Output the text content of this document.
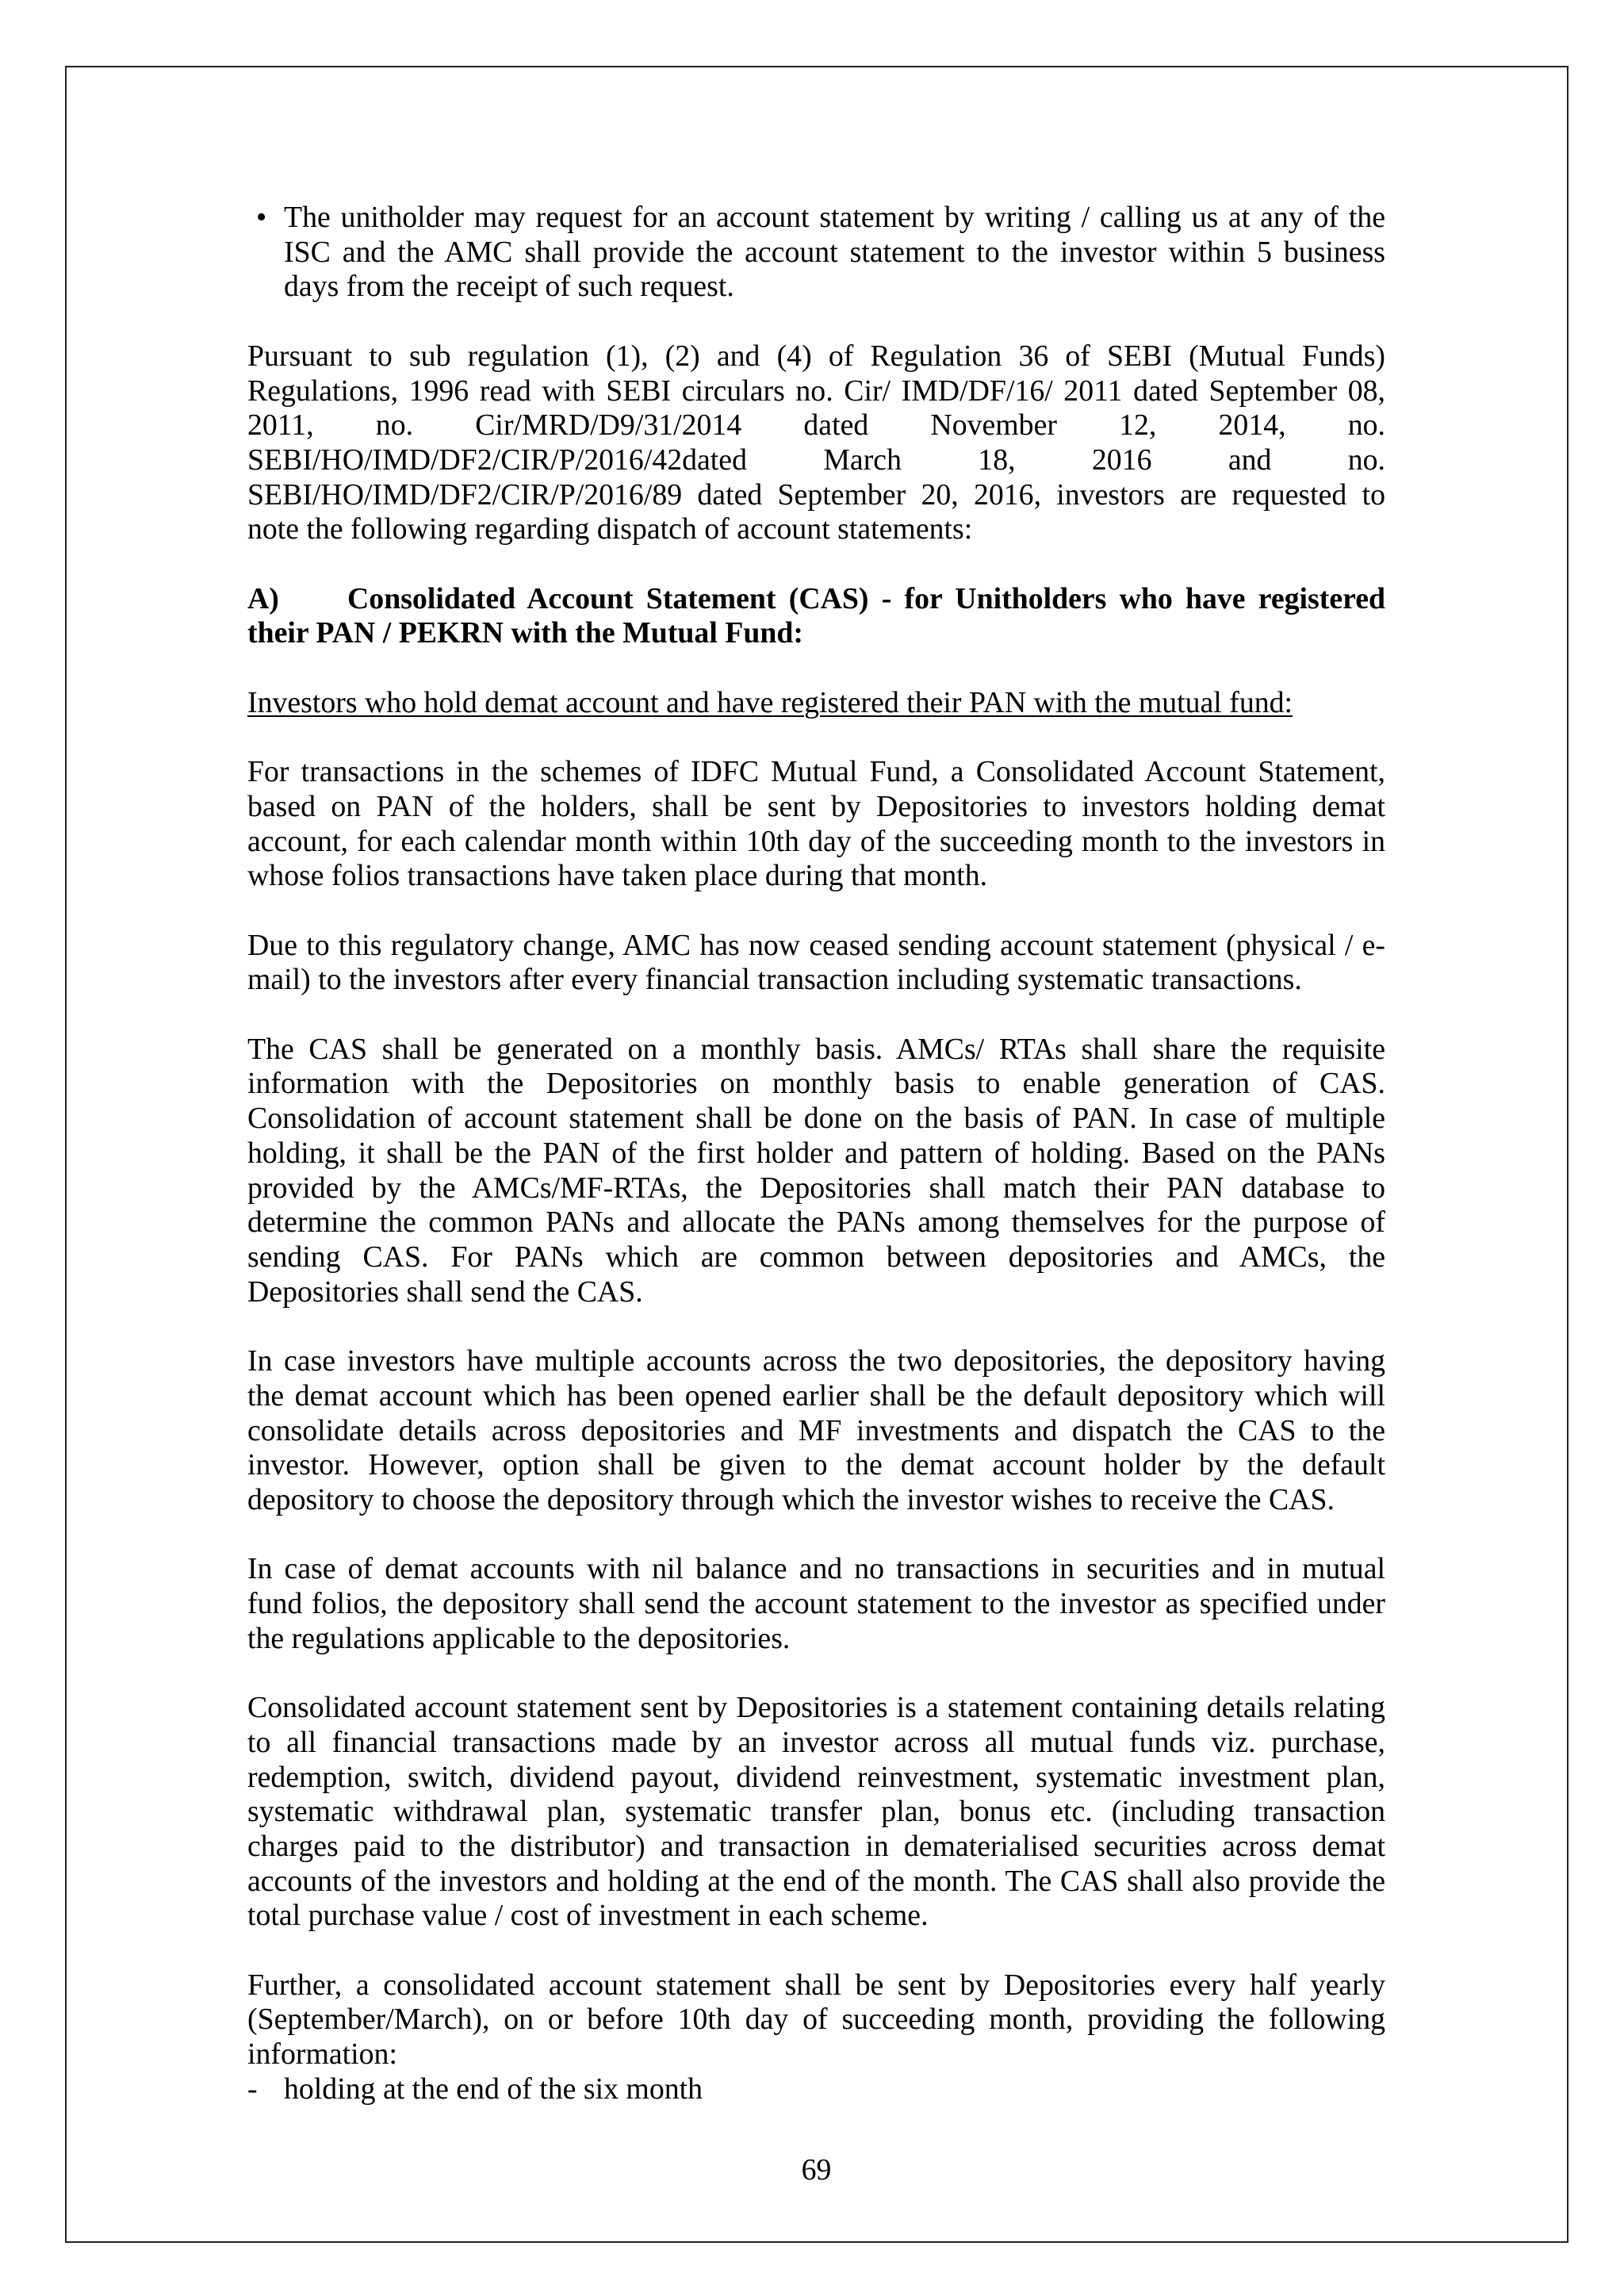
• The unitholder may request for an account statement by writing / calling us at any of the
ISC and the AMC shall provide the account statement to the investor within 5 business
days from the receipt of such request.
Pursuant to sub regulation (1), (2) and (4) of Regulation 36 of SEBI (Mutual Funds)
Regulations, 1996 read with SEBI circulars no. Cir/ IMD/DF/16/ 2011 dated September 08,
2011, no. Cir/MRD/D9/31/2014 dated November 12, 2014, no.
SEBI/HO/IMD/DF2/CIR/P/2016/42dated March 18, 2016 and no.
SEBI/HO/IMD/DF2/CIR/P/2016/89 dated September 20, 2016, investors are requested to
note the following regarding dispatch of account statements:
A)	Consolidated Account Statement (CAS) - for Unitholders who have registered
their PAN / PEKRN with the Mutual Fund:
Investors who hold demat account and have registered their PAN with the mutual fund:
For transactions in the schemes of IDFC Mutual Fund, a Consolidated Account Statement,
based on PAN of the holders, shall be sent by Depositories to investors holding demat
account, for each calendar month within 10th day of the succeeding month to the investors in
whose folios transactions have taken place during that month.
Due to this regulatory change, AMC has now ceased sending account statement (physical / e-
mail) to the investors after every financial transaction including systematic transactions.
The CAS shall be generated on a monthly basis. AMCs/ RTAs shall share the requisite
information with the Depositories on monthly basis to enable generation of CAS.
Consolidation of account statement shall be done on the basis of PAN. In case of multiple
holding, it shall be the PAN of the first holder and pattern of holding. Based on the PANs
provided by the AMCs/MF-RTAs, the Depositories shall match their PAN database to
determine the common PANs and allocate the PANs among themselves for the purpose of
sending CAS. For PANs which are common between depositories and AMCs, the
Depositories shall send the CAS.
In case investors have multiple accounts across the two depositories, the depository having
the demat account which has been opened earlier shall be the default depository which will
consolidate details across depositories and MF investments and dispatch the CAS to the
investor. However, option shall be given to the demat account holder by the default
depository to choose the depository through which the investor wishes to receive the CAS.
In case of demat accounts with nil balance and no transactions in securities and in mutual
fund folios, the depository shall send the account statement to the investor as specified under
the regulations applicable to the depositories.
Consolidated account statement sent by Depositories is a statement containing details relating
to all financial transactions made by an investor across all mutual funds viz. purchase,
redemption, switch, dividend payout, dividend reinvestment, systematic investment plan,
systematic withdrawal plan, systematic transfer plan, bonus etc. (including transaction
charges paid to the distributor) and transaction in dematerialised securities across demat
accounts of the investors and holding at the end of the month. The CAS shall also provide the
total purchase value / cost of investment in each scheme.
Further, a consolidated account statement shall be sent by Depositories every half yearly
(September/March), on or before 10th day of succeeding month, providing the following
information:
- holding at the end of the six month
69
